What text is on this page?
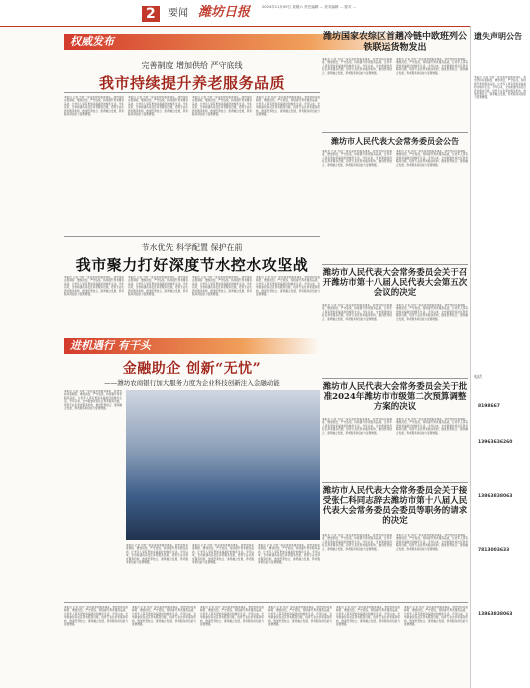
2	要闻 潍坊日报	2024年11月09日 星期六 责任编辑 ... 美术编辑 ... 校对 ...
权威发布
完善制度 增加供给 严守底线
我市持续提升养老服务品质
本报讯 记者 为进一步完善养老服务体系，我市坚持完善制度、增加供给、严守底线，持续提升养老服务品质，让老年人享有更加幸福美好的晚年生活。今年以来，全市新建改造社区养老服务设施，培育专业化养老服务机构，推进医养结合、康养融合发展，养老服务供给能力显著增强。
本报讯 记者 为进一步完善养老服务体系，我市坚持完善制度、增加供给、严守底线，持续提升养老服务品质，让老年人享有更加幸福美好的晚年生活。今年以来，全市新建改造社区养老服务设施，培育专业化养老服务机构，推进医养结合、康养融合发展，养老服务供给能力显著增强。
本报讯 记者 为进一步完善养老服务体系，我市坚持完善制度、增加供给、严守底线，持续提升养老服务品质，让老年人享有更加幸福美好的晚年生活。今年以来，全市新建改造社区养老服务设施，培育专业化养老服务机构，推进医养结合、康养融合发展，养老服务供给能力显著增强。
本报讯 记者 为进一步完善养老服务体系，我市坚持完善制度、增加供给、严守底线，持续提升养老服务品质，让老年人享有更加幸福美好的晚年生活。今年以来，全市新建改造社区养老服务设施，培育专业化养老服务机构，推进医养结合、康养融合发展，养老服务供给能力显著增强。
节水优先 科学配置 保护在前
我市聚力打好深度节水控水攻坚战
本报讯 记者 为进一步完善养老服务体系，我市坚持完善制度、增加供给、严守底线，持续提升养老服务品质，让老年人享有更加幸福美好的晚年生活。今年以来，全市新建改造社区养老服务设施，培育专业化养老服务机构，推进医养结合、康养融合发展，养老服务供给能力显著增强。
本报讯 记者 为进一步完善养老服务体系，我市坚持完善制度、增加供给、严守底线，持续提升养老服务品质，让老年人享有更加幸福美好的晚年生活。今年以来，全市新建改造社区养老服务设施，培育专业化养老服务机构，推进医养结合、康养融合发展，养老服务供给能力显著增强。
本报讯 记者 为进一步完善养老服务体系，我市坚持完善制度、增加供给、严守底线，持续提升养老服务品质，让老年人享有更加幸福美好的晚年生活。今年以来，全市新建改造社区养老服务设施，培育专业化养老服务机构，推进医养结合、康养融合发展，养老服务供给能力显著增强。
本报讯 记者 为进一步完善养老服务体系，我市坚持完善制度、增加供给、严守底线，持续提升养老服务品质，让老年人享有更加幸福美好的晚年生活。今年以来，全市新建改造社区养老服务设施，培育专业化养老服务机构，推进医养结合、康养融合发展，养老服务供给能力显著增强。
进机遇行 有干头
金融助企 创新“无忧”
——潍坊农商银行加大服务力度为企业科技创新注入金融动能
本报讯 记者 为进一步完善养老服务体系，我市坚持完善制度、增加供给、严守底线，持续提升养老服务品质，让老年人享有更加幸福美好的晚年生活。今年以来，全市新建改造社区养老服务设施，培育专业化养老服务机构，推进医养结合、康养融合发展，养老服务供给能力显著增强。
本报讯 记者 为进一步完善养老服务体系，我市坚持完善制度、增加供给、严守底线，持续提升养老服务品质，让老年人享有更加幸福美好的晚年生活。今年以来，全市新建改造社区养老服务设施，培育专业化养老服务机构，推进医养结合、康养融合发展，养老服务供给能力显著增强。
本报讯 记者 为进一步完善养老服务体系，我市坚持完善制度、增加供给、严守底线，持续提升养老服务品质，让老年人享有更加幸福美好的晚年生活。今年以来，全市新建改造社区养老服务设施，培育专业化养老服务机构，推进医养结合、康养融合发展，养老服务供给能力显著增强。
本报讯 记者 为进一步完善养老服务体系，我市坚持完善制度、增加供给、严守底线，持续提升养老服务品质，让老年人享有更加幸福美好的晚年生活。今年以来，全市新建改造社区养老服务设施，培育专业化养老服务机构，推进医养结合、康养融合发展，养老服务供给能力显著增强。
本报讯 记者 为进一步完善养老服务体系，我市坚持完善制度、增加供给、严守底线，持续提升养老服务品质，让老年人享有更加幸福美好的晚年生活。今年以来，全市新建改造社区养老服务设施，培育专业化养老服务机构，推进医养结合、康养融合发展，养老服务供给能力显著增强。
本报讯 记者 为进一步完善养老服务体系，我市坚持完善制度、增加供给、严守底线，持续提升养老服务品质，让老年人享有更加幸福美好的晚年生活。今年以来，全市新建改造社区养老服务设施，培育专业化养老服务机构，推进医养结合、康养融合发展，养老服务供给能力显著增强。
本报讯 记者 为进一步完善养老服务体系，我市坚持完善制度、增加供给、严守底线，持续提升养老服务品质，让老年人享有更加幸福美好的晚年生活。今年以来，全市新建改造社区养老服务设施，培育专业化养老服务机构，推进医养结合、康养融合发展，养老服务供给能力显著增强。
本报讯 记者 为进一步完善养老服务体系，我市坚持完善制度、增加供给、严守底线，持续提升养老服务品质，让老年人享有更加幸福美好的晚年生活。今年以来，全市新建改造社区养老服务设施，培育专业化养老服务机构，推进医养结合、康养融合发展，养老服务供给能力显著增强。
本报讯 记者 为进一步完善养老服务体系，我市坚持完善制度、增加供给、严守底线，持续提升养老服务品质，让老年人享有更加幸福美好的晚年生活。今年以来，全市新建改造社区养老服务设施，培育专业化养老服务机构，推进医养结合、康养融合发展，养老服务供给能力显著增强。
本报讯 记者 为进一步完善养老服务体系，我市坚持完善制度、增加供给、严守底线，持续提升养老服务品质，让老年人享有更加幸福美好的晚年生活。今年以来，全市新建改造社区养老服务设施，培育专业化养老服务机构，推进医养结合、康养融合发展，养老服务供给能力显著增强。
潍坊国家农综区首趟冷链中欧班列公铁联运货物发出
本报讯 记者 为进一步完善养老服务体系，我市坚持完善制度、增加供给、严守底线，持续提升养老服务品质，让老年人享有更加幸福美好的晚年生活。今年以来，全市新建改造社区养老服务设施，培育专业化养老服务机构，推进医养结合、康养融合发展，养老服务供给能力显著增强。
本报讯 记者 为进一步完善养老服务体系，我市坚持完善制度、增加供给、严守底线，持续提升养老服务品质，让老年人享有更加幸福美好的晚年生活。今年以来，全市新建改造社区养老服务设施，培育专业化养老服务机构，推进医养结合、康养融合发展，养老服务供给能力显著增强。
潍坊市人民代表大会常务委员会公告
本报讯 记者 为进一步完善养老服务体系，我市坚持完善制度、增加供给、严守底线，持续提升养老服务品质，让老年人享有更加幸福美好的晚年生活。今年以来，全市新建改造社区养老服务设施，培育专业化养老服务机构，推进医养结合、康养融合发展，养老服务供给能力显著增强。
本报讯 记者 为进一步完善养老服务体系，我市坚持完善制度、增加供给、严守底线，持续提升养老服务品质，让老年人享有更加幸福美好的晚年生活。今年以来，全市新建改造社区养老服务设施，培育专业化养老服务机构，推进医养结合、康养融合发展，养老服务供给能力显著增强。
潍坊市人民代表大会常务委员会关于召开潍坊市第十八届人民代表大会第五次会议的决定
本报讯 记者 为进一步完善养老服务体系，我市坚持完善制度、增加供给、严守底线，持续提升养老服务品质，让老年人享有更加幸福美好的晚年生活。今年以来，全市新建改造社区养老服务设施，培育专业化养老服务机构，推进医养结合、康养融合发展，养老服务供给能力显著增强。
本报讯 记者 为进一步完善养老服务体系，我市坚持完善制度、增加供给、严守底线，持续提升养老服务品质，让老年人享有更加幸福美好的晚年生活。今年以来，全市新建改造社区养老服务设施，培育专业化养老服务机构，推进医养结合、康养融合发展，养老服务供给能力显著增强。
潍坊市人民代表大会常务委员会关于批准2024年潍坊市市级第二次预算调整方案的决议
本报讯 记者 为进一步完善养老服务体系，我市坚持完善制度、增加供给、严守底线，持续提升养老服务品质，让老年人享有更加幸福美好的晚年生活。今年以来，全市新建改造社区养老服务设施，培育专业化养老服务机构，推进医养结合、康养融合发展，养老服务供给能力显著增强。
本报讯 记者 为进一步完善养老服务体系，我市坚持完善制度、增加供给、严守底线，持续提升养老服务品质，让老年人享有更加幸福美好的晚年生活。今年以来，全市新建改造社区养老服务设施，培育专业化养老服务机构，推进医养结合、康养融合发展，养老服务供给能力显著增强。
潍坊市人民代表大会常务委员会关于接受张仁科同志辞去潍坊市第十八届人民代表大会常务委员会委员等职务的请求的决定
本报讯 记者 为进一步完善养老服务体系，我市坚持完善制度、增加供给、严守底线，持续提升养老服务品质，让老年人享有更加幸福美好的晚年生活。今年以来，全市新建改造社区养老服务设施，培育专业化养老服务机构，推进医养结合、康养融合发展，养老服务供给能力显著增强。
本报讯 记者 为进一步完善养老服务体系，我市坚持完善制度、增加供给、严守底线，持续提升养老服务品质，让老年人享有更加幸福美好的晚年生活。今年以来，全市新建改造社区养老服务设施，培育专业化养老服务机构，推进医养结合、康养融合发展，养老服务供给能力显著增强。
遗失声明公告
本报讯 记者 为进一步完善养老服务体系，我市坚持完善制度、增加供给、严守底线，持续提升养老服务品质，让老年人享有更加幸福美好的晚年生活。今年以来，全市新建改造社区养老服务设施，培育专业化养老服务机构，推进医养结合、康养融合发展，养老服务供给能力显著增强。
电话
8198667
13963636260
13863838063
7813003633
13863838063
